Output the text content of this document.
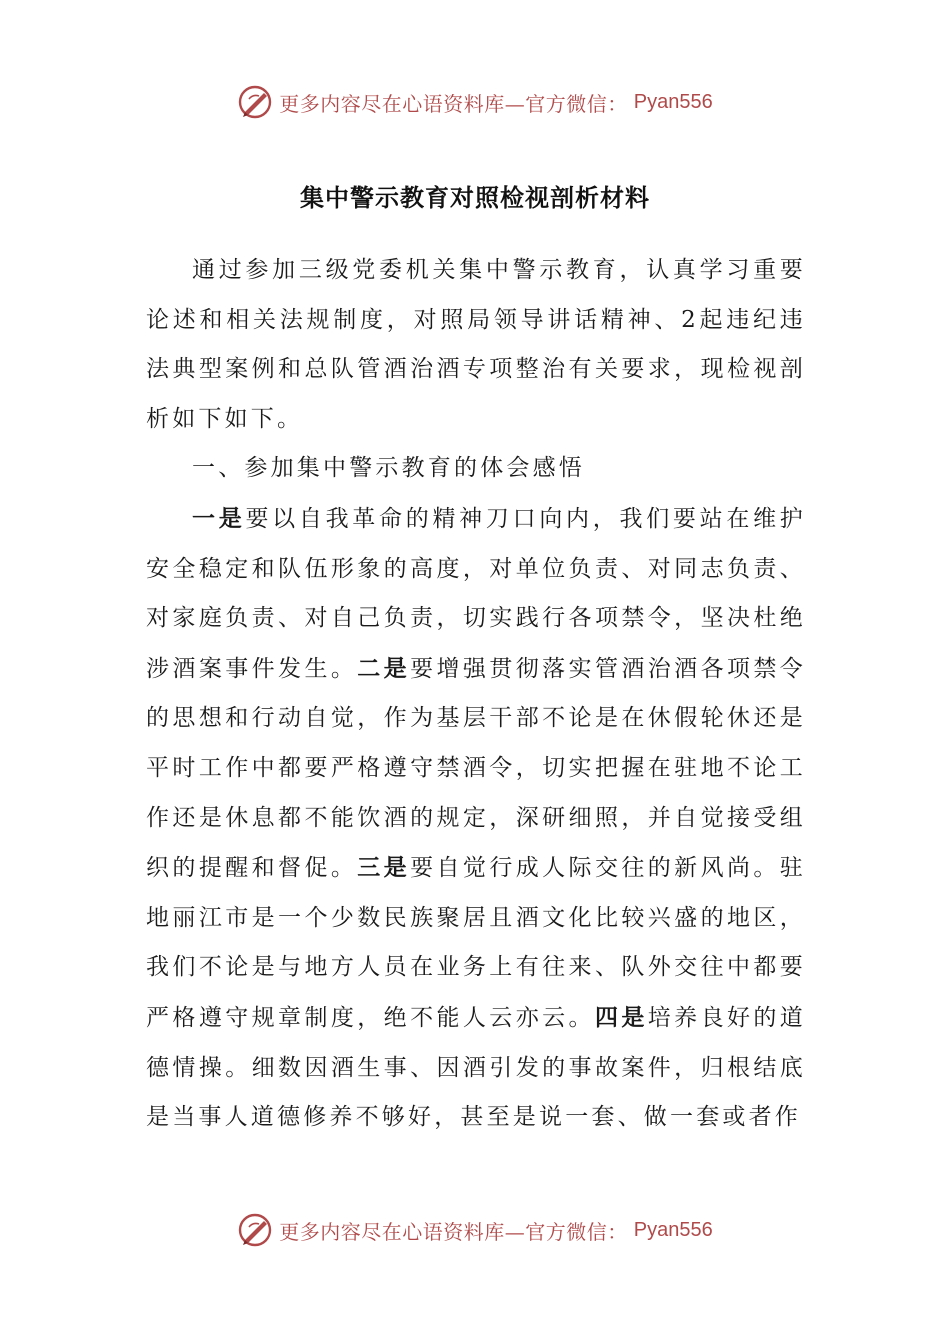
更多内容尽在心语资料库—官方微信： Pyan556
集中警示教育对照检视剖析材料

通过参加三级党委机关集中警示教育，认真学习重要论述和相关法规制度，对照局领导讲话精神、2起违纪违法典型案例和总队管酒治酒专项整治有关要求，现检视剖析如下如下。

一、参加集中警示教育的体会感悟

一是要以自我革命的精神刀口向内，我们要站在维护安全稳定和队伍形象的高度，对单位负责、对同志负责、对家庭负责、对自己负责，切实践行各项禁令，坚决杜绝涉酒案事件发生。二是要增强贯彻落实管酒治酒各项禁令的思想和行动自觉，作为基层干部不论是在休假轮休还是平时工作中都要严格遵守禁酒令，切实把握在驻地不论工作还是休息都不能饮酒的规定，深研细照，并自觉接受组织的提醒和督促。三是要自觉行成人际交往的新风尚。驻地丽江市是一个少数民族聚居且酒文化比较兴盛的地区，我们不论是与地方人员在业务上有往来、队外交往中都要严格遵守规章制度，绝不能人云亦云。四是培养良好的道德情操。细数因酒生事、因酒引发的事故案件，归根结底是当事人道德修养不够好，甚至是说一套、做一套或者作

更多内容尽在心语资料库—官方微信： Pyan556
